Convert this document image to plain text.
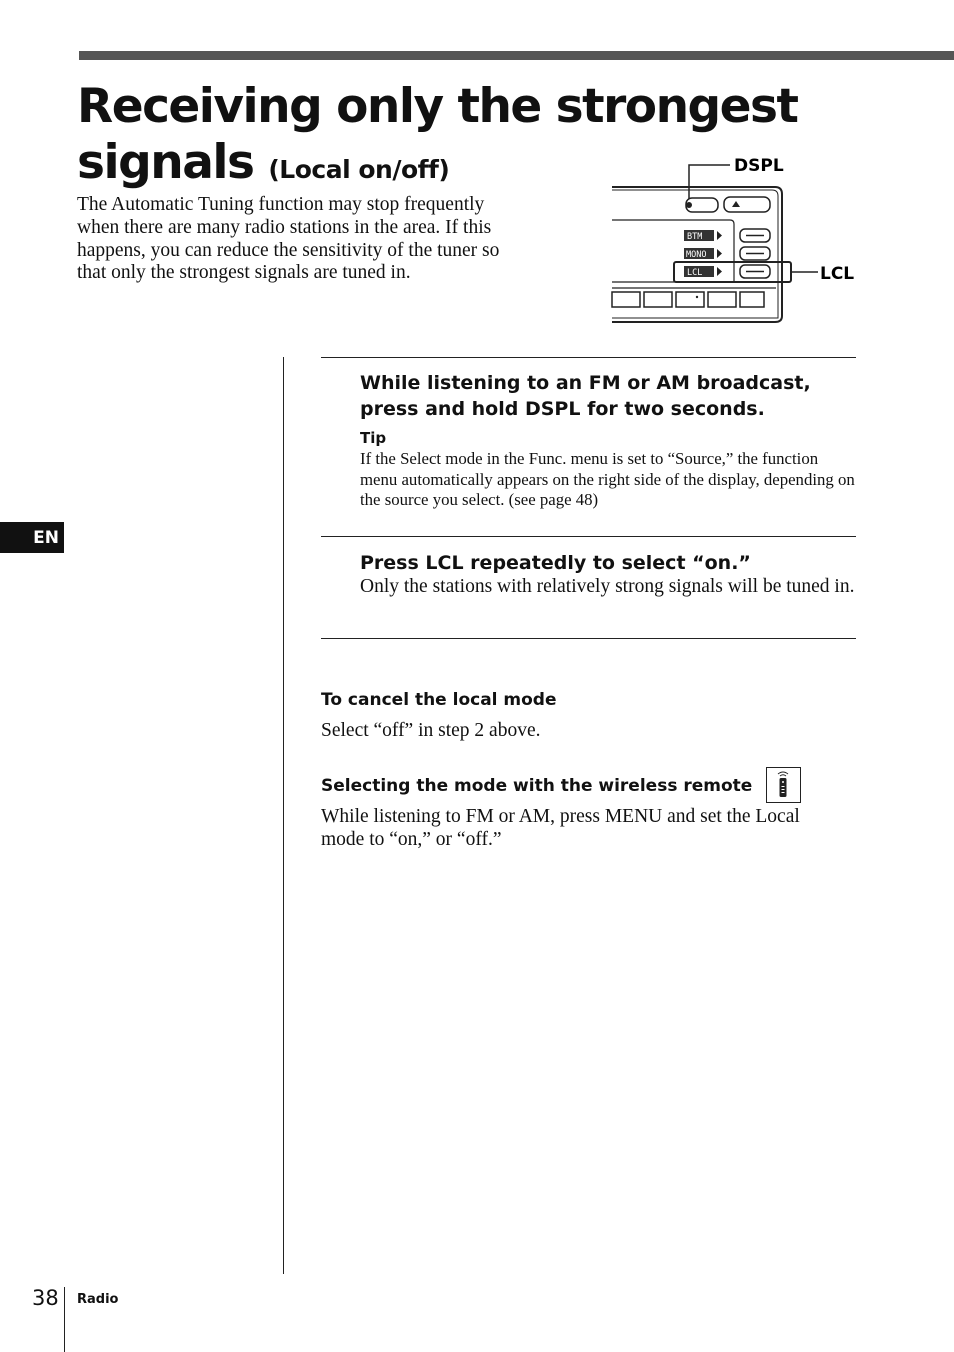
Receiving only the strongest
signals (Local on/off)

The Automatic Tuning function may stop frequently when there are many radio stations in the area. If this happens, you can reduce the sensitivity of the tuner so that only the strongest signals are tuned in.

DSPL
BTM
MONO
LCL	LCL
EN

While listening to an FM or AM broadcast, press and hold DSPL for two seconds.

Tip

If the Select mode in the Func. menu is set to “Source,” the function menu automatically appears on the right side of the display, depending on the source you select. (see page 48)

Press LCL repeatedly to select “on.”

Only the stations with relatively strong signals will be tuned in.

To cancel the local mode

Select “off” in step 2 above.

Selecting the mode with the wireless remote

While listening to FM or AM, press MENU and set the Local mode to “on,” or “off.”

38 Radio
